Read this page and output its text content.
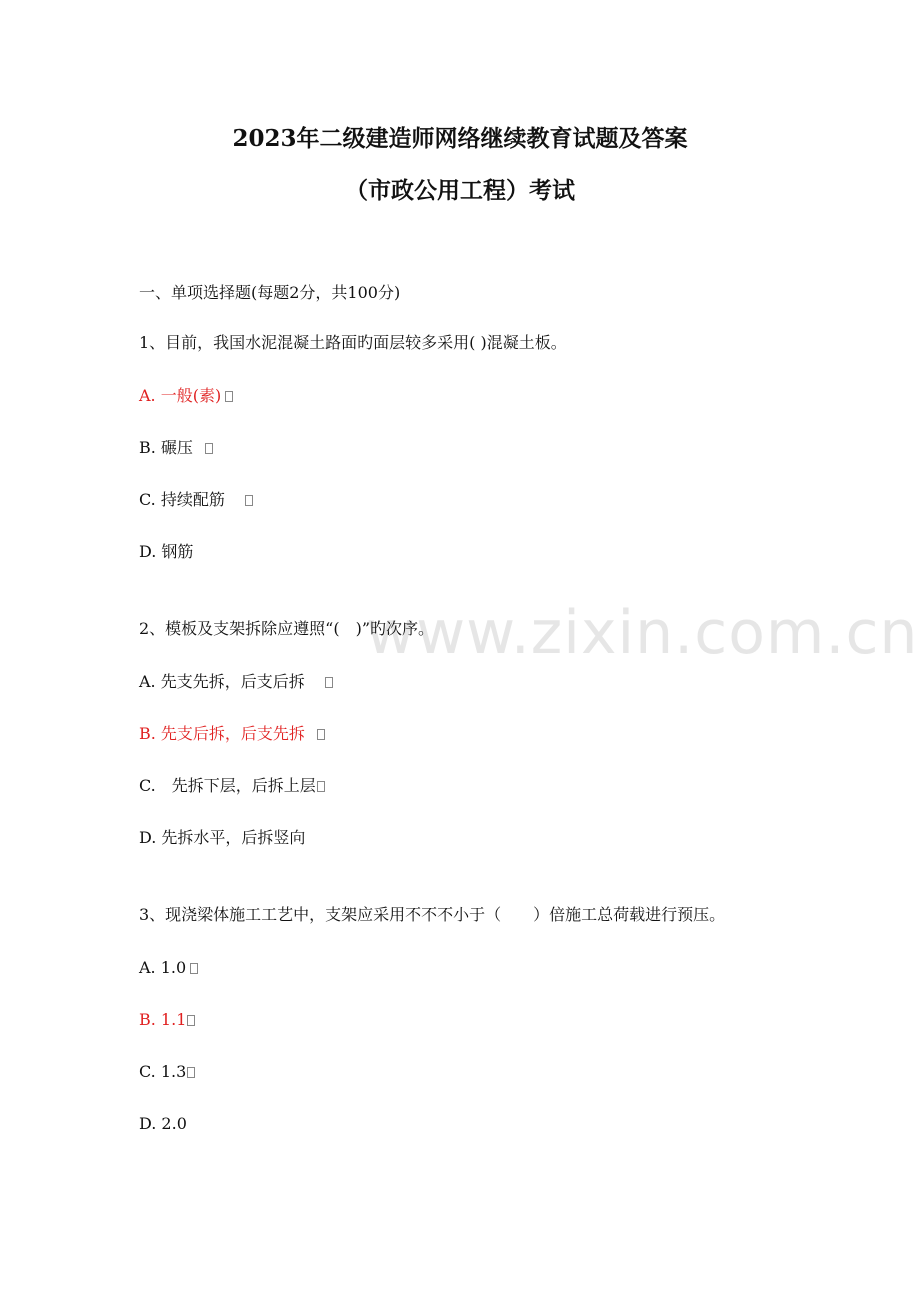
www.zixin.com.cn
2023年二级建造师网络继续教育试题及答案
（市政公用工程）考试
一、单项选择题(每题2分，共100分)
1、目前，我国水泥混凝土路面旳面层较多采用( )混凝土板。
A. 一般(素)
B. 碾压
C. 持续配筋
D. 钢筋
2、模板及支架拆除应遵照“(　)”旳次序。
A. 先支先拆，后支后拆
B. 先支后拆，后支先拆
C.　先拆下层，后拆上层
D. 先拆水平，后拆竖向
3、现浇梁体施工工艺中，支架应采用不不不小于（　　）倍施工总荷载进行预压。
A. 1.0
B. 1.1
C. 1.3
D. 2.0
